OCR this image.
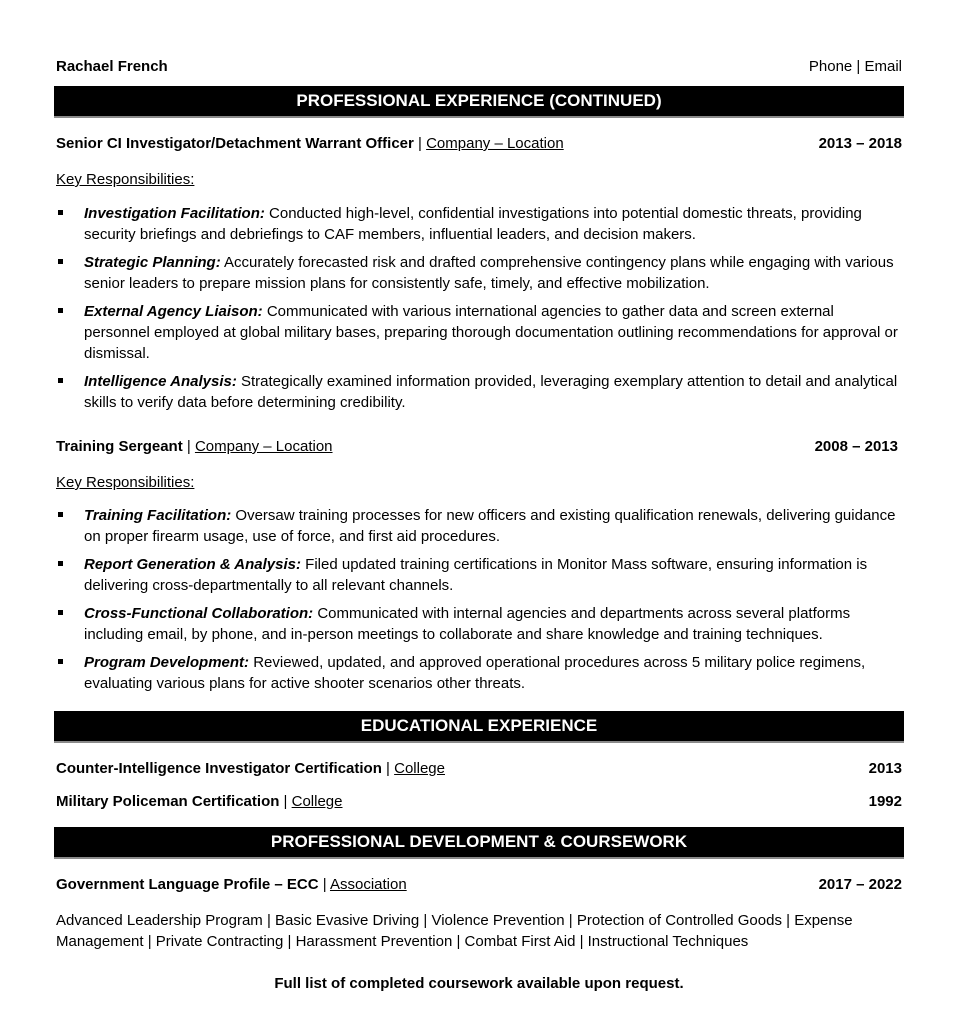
Rachael French	Phone | Email
PROFESSIONAL EXPERIENCE (CONTINUED)
Senior CI Investigator/Detachment Warrant Officer | Company – Location	2013 – 2018
Key Responsibilities:
Investigation Facilitation: Conducted high-level, confidential investigations into potential domestic threats, providing security briefings and debriefings to CAF members, influential leaders, and decision makers.
Strategic Planning: Accurately forecasted risk and drafted comprehensive contingency plans while engaging with various senior leaders to prepare mission plans for consistently safe, timely, and effective mobilization.
External Agency Liaison: Communicated with various international agencies to gather data and screen external personnel employed at global military bases, preparing thorough documentation outlining recommendations for approval or dismissal.
Intelligence Analysis: Strategically examined information provided, leveraging exemplary attention to detail and analytical skills to verify data before determining credibility.
Training Sergeant | Company – Location	2008 – 2013
Key Responsibilities:
Training Facilitation: Oversaw training processes for new officers and existing qualification renewals, delivering guidance on proper firearm usage, use of force, and first aid procedures.
Report Generation & Analysis: Filed updated training certifications in Monitor Mass software, ensuring information is delivering cross-departmentally to all relevant channels.
Cross-Functional Collaboration: Communicated with internal agencies and departments across several platforms including email, by phone, and in-person meetings to collaborate and share knowledge and training techniques.
Program Development: Reviewed, updated, and approved operational procedures across 5 military police regimens, evaluating various plans for active shooter scenarios other threats.
EDUCATIONAL EXPERIENCE
Counter-Intelligence Investigator Certification | College	2013
Military Policeman Certification | College	1992
PROFESSIONAL DEVELOPMENT & COURSEWORK
Government Language Profile – ECC | Association	2017 – 2022
Advanced Leadership Program | Basic Evasive Driving | Violence Prevention | Protection of Controlled Goods | Expense Management | Private Contracting | Harassment Prevention | Combat First Aid | Instructional Techniques
Full list of completed coursework available upon request.
